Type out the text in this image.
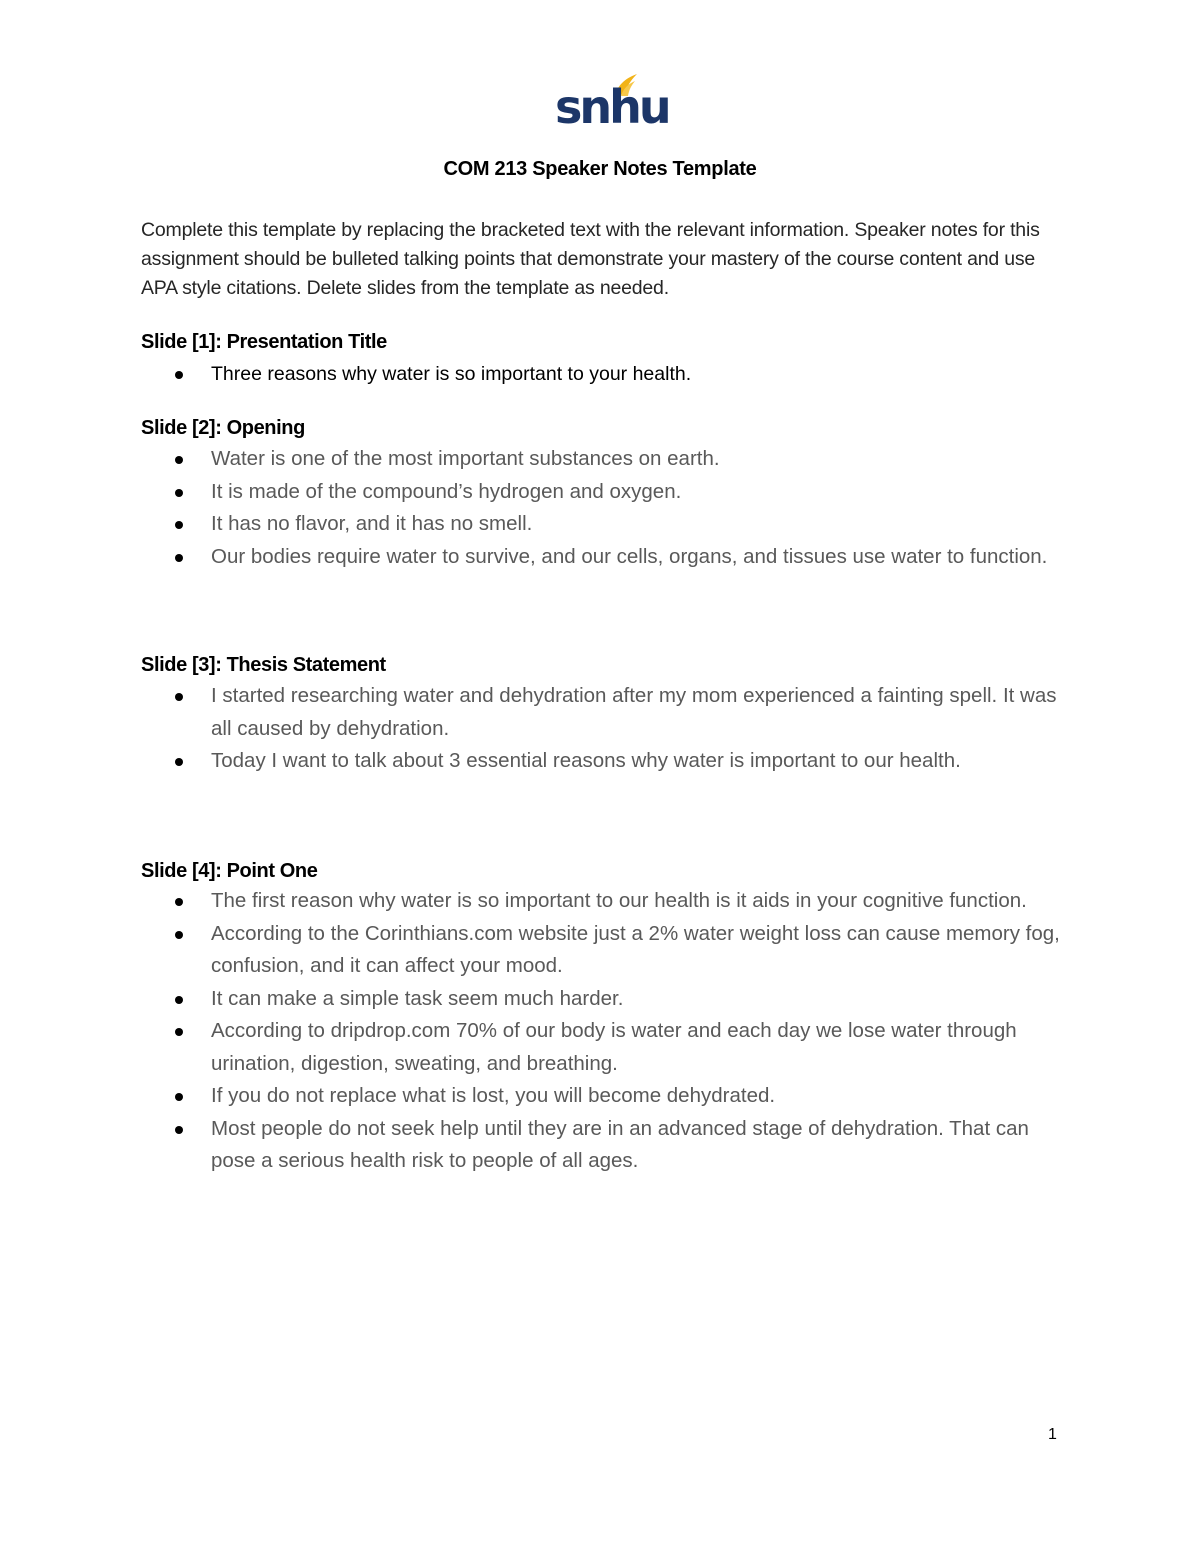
snhu
COM 213 Speaker Notes Template
Complete this template by replacing the bracketed text with the relevant information. Speaker notes for this assignment should be bulleted talking points that demonstrate your mastery of the course content and use APA style citations. Delete slides from the template as needed.
Slide [1]: Presentation Title
Three reasons why water is so important to your health.
Slide [2]: Opening
Water is one of the most important substances on earth.
It is made of the compound’s hydrogen and oxygen.
It has no flavor, and it has no smell.
Our bodies require water to survive, and our cells, organs, and tissues use water to function.
Slide [3]: Thesis Statement
I started researching water and dehydration after my mom experienced a fainting spell. It was all caused by dehydration.
Today I want to talk about 3 essential reasons why water is important to our health.
Slide [4]: Point One
The first reason why water is so important to our health is it aids in your cognitive function.
According to the Corinthians.com website just a 2% water weight loss can cause memory fog, confusion, and it can affect your mood.
It can make a simple task seem much harder.
According to dripdrop.com 70% of our body is water and each day we lose water through urination, digestion, sweating, and breathing.
If you do not replace what is lost, you will become dehydrated.
Most people do not seek help until they are in an advanced stage of dehydration. That can pose a serious health risk to people of all ages.
1
